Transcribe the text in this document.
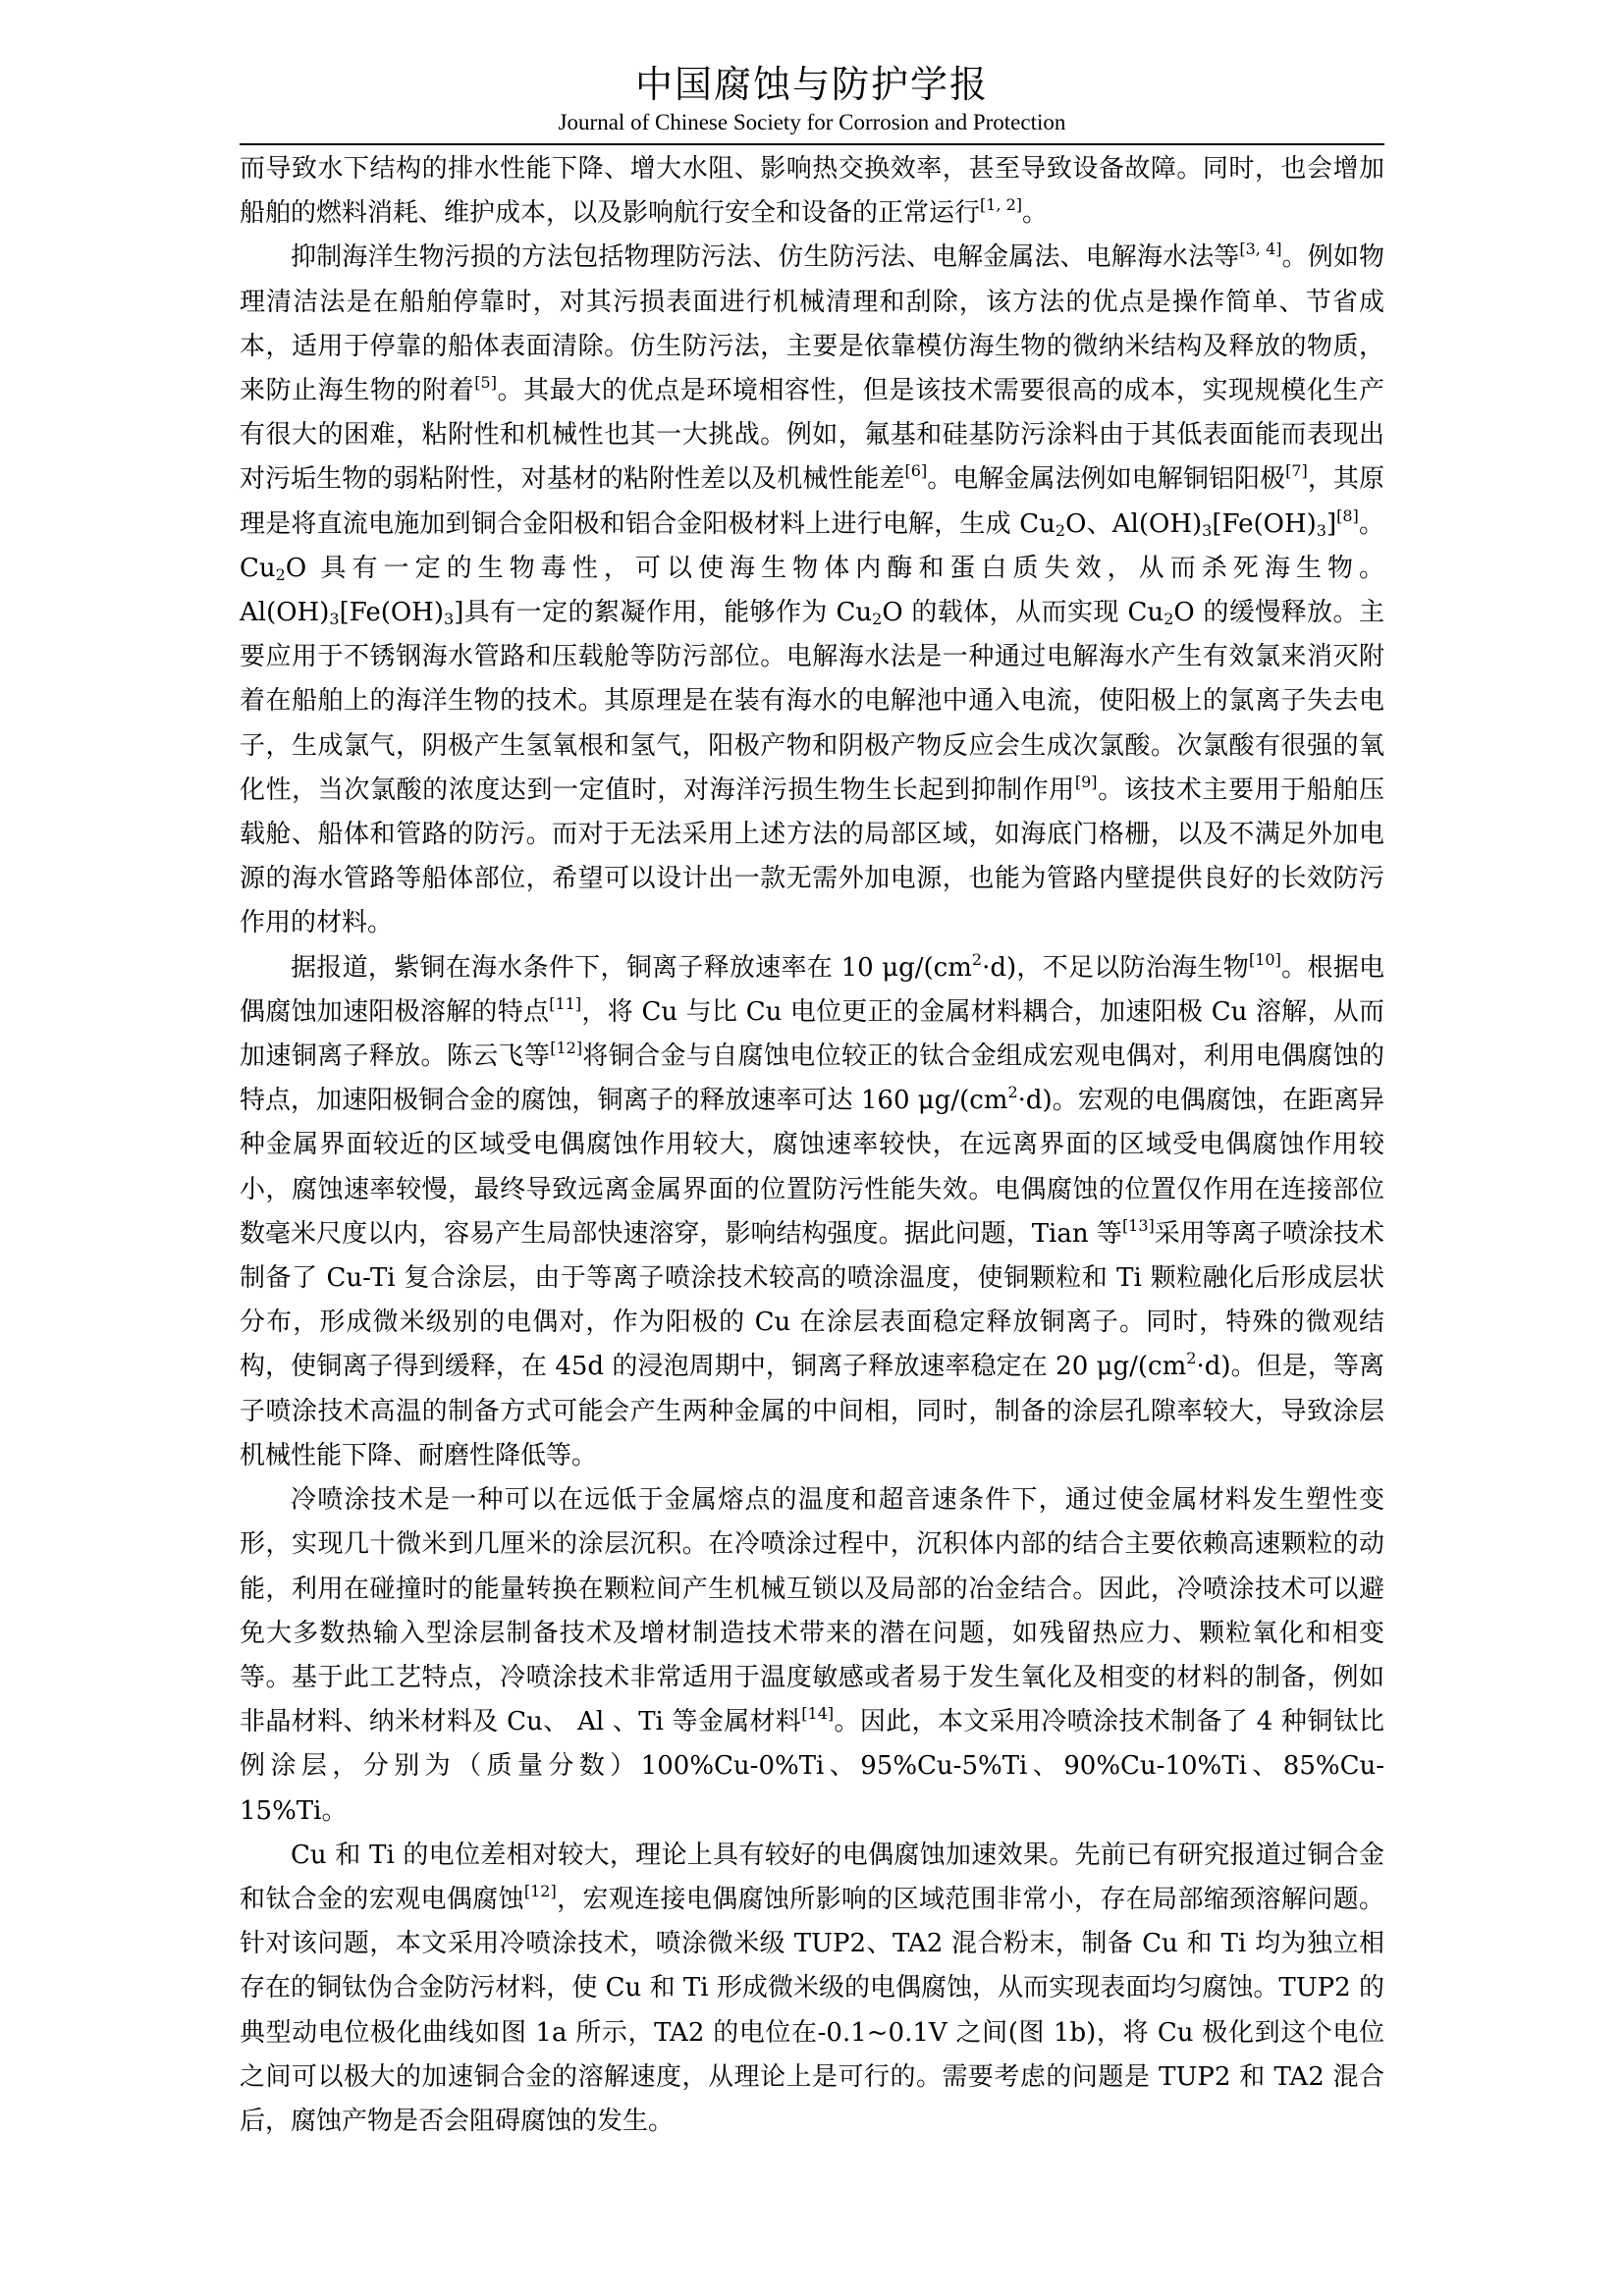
中国腐蚀与防护学报
Journal of Chinese Society for Corrosion and Protection

而导致水下结构的排水性能下降、增大水阻、影响热交换效率，甚至导致设备故障。同时，也会增加船舶的燃料消耗、维护成本，以及影响航行安全和设备的正常运行[1, 2]。

抑制海洋生物污损的方法包括物理防污法、仿生防污法、电解金属法、电解海水法等[3, 4]。例如物理清洁法是在船舶停靠时，对其污损表面进行机械清理和刮除，该方法的优点是操作简单、节省成本，适用于停靠的船体表面清除。仿生防污法，主要是依靠模仿海生物的微纳米结构及释放的物质，来防止海生物的附着[5]。其最大的优点是环境相容性，但是该技术需要很高的成本，实现规模化生产有很大的困难，粘附性和机械性也其一大挑战。例如，氟基和硅基防污涂料由于其低表面能而表现出对污垢生物的弱粘附性，对基材的粘附性差以及机械性能差[6]。电解金属法例如电解铜铝阳极[7]，其原理是将直流电施加到铜合金阳极和铝合金阳极材料上进行电解，生成 $Cu_2O$、$Al(OH)_3[Fe(OH)_3][8]$。$Cu_2O$ 具有一定的生物毒性，可以使海生物体内酶和蛋白质失效，从而杀死海生物。$Al(OH)_3[Fe(OH)_3]$具有一定的絮凝作用，能够作为 $Cu_2O$ 的载体，从而实现 $Cu_2O$ 的缓慢释放。主要应用于不锈钢海水管路和压载舱等防污部位。电解海水法是一种通过电解海水产生有效氯来消灭附着在船舶上的海洋生物的技术。其原理是在装有海水的电解池中通入电流，使阳极上的氯离子失去电子，生成氯气，阴极产生氢氧根和氢气，阳极产物和阴极产物反应会生成次氯酸。次氯酸有很强的氧化性，当次氯酸的浓度达到一定值时，对海洋污损生物生长起到抑制作用[9]。该技术主要用于船舶压载舱、船体和管路的防污。而对于无法采用上述方法的局部区域，如海底门格栅，以及不满足外加电源的海水管路等船体部位，希望可以设计出一款无需外加电源，也能为管路内壁提供良好的长效防污作用的材料。

据报道，紫铜在海水条件下，铜离子释放速率在 10 $\mu g/(cm^2\cdot d)$，不足以防治海生物[10]。根据电偶腐蚀加速阳极溶解的特点[11]，将 Cu 与比 Cu 电位更正的金属材料耦合，加速阳极 Cu 溶解，从而加速铜离子释放。陈云飞等[12]将铜合金与自腐蚀电位较正的钛合金组成宏观电偶对，利用电偶腐蚀的特点，加速阳极铜合金的腐蚀，铜离子的释放速率可达 160 $\mu g/(cm^2\cdot d)$。宏观的电偶腐蚀，在距离异种金属界面较近的区域受电偶腐蚀作用较大，腐蚀速率较快，在远离界面的区域受电偶腐蚀作用较小，腐蚀速率较慢，最终导致远离金属界面的位置防污性能失效。电偶腐蚀的位置仅作用在连接部位数毫米尺度以内，容易产生局部快速溶穿，影响结构强度。据此问题，Tian 等[13]采用等离子喷涂技术制备了 Cu-Ti 复合涂层，由于等离子喷涂技术较高的喷涂温度，使铜颗粒和 Ti 颗粒融化后形成层状分布，形成微米级别的电偶对，作为阳极的 Cu 在涂层表面稳定释放铜离子。同时，特殊的微观结构，使铜离子得到缓释，在 45d 的浸泡周期中，铜离子释放速率稳定在 20 $\mu g/(cm^2\cdot d)$。但是，等离子喷涂技术高温的制备方式可能会产生两种金属的中间相，同时，制备的涂层孔隙率较大，导致涂层机械性能下降、耐磨性降低等。

冷喷涂技术是一种可以在远低于金属熔点的温度和超音速条件下，通过使金属材料发生塑性变形，实现几十微米到几厘米的涂层沉积。在冷喷涂过程中，沉积体内部的结合主要依赖高速颗粒的动能，利用在碰撞时的能量转换在颗粒间产生机械互锁以及局部的冶金结合。因此，冷喷涂技术可以避免大多数热输入型涂层制备技术及增材制造技术带来的潜在问题，如残留热应力、颗粒氧化和相变等。基于此工艺特点，冷喷涂技术非常适用于温度敏感或者易于发生氧化及相变的材料的制备，例如非晶材料、纳米材料及 Cu、 Al 、Ti 等金属材料[14]。因此，本文采用冷喷涂技术制备了 4 种铜钛比例涂层，分别为（质量分数）100%Cu-0%Ti、95%Cu-5%Ti、90%Cu-10%Ti、85%Cu-15%Ti。

Cu 和 Ti 的电位差相对较大，理论上具有较好的电偶腐蚀加速效果。先前已有研究报道过铜合金和钛合金的宏观电偶腐蚀[12]，宏观连接电偶腐蚀所影响的区域范围非常小，存在局部缩颈溶解问题。针对该问题，本文采用冷喷涂技术，喷涂微米级 TUP2、TA2 混合粉末，制备 Cu 和 Ti 均为独立相存在的铜钛伪合金防污材料，使 Cu 和 Ti 形成微米级的电偶腐蚀，从而实现表面均匀腐蚀。TUP2 的典型动电位极化曲线如图 1a 所示，TA2 的电位在-0.1~0.1V 之间(图 1b)，将 Cu 极化到这个电位之间可以极大的加速铜合金的溶解速度，从理论上是可行的。需要考虑的问题是 TUP2 和 TA2 混合后，腐蚀产物是否会阻碍腐蚀的发生。
